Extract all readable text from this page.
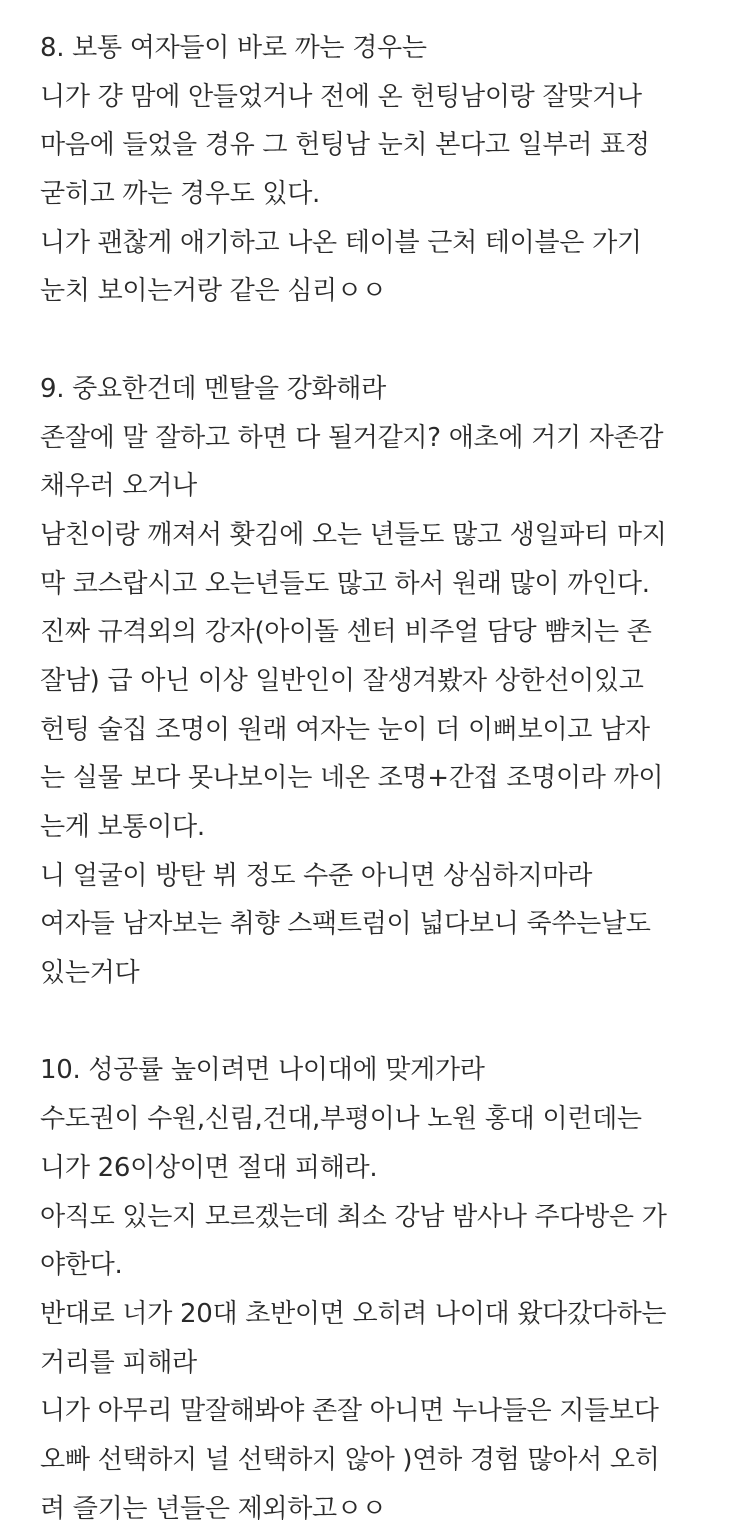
8. 보통 여자들이 바로 까는 경우는
니가 걍 맘에 안들었거나 전에 온 헌팅남이랑 잘맞거나
마음에 들었을 경유 그 헌팅남 눈치 본다고 일부러 표정
굳히고 까는 경우도 있다.
니가 괜찮게 애기하고 나온 테이블 근처 테이블은 가기
눈치 보이는거랑 같은 심리ㅇㅇ
9. 중요한건데 멘탈을 강화해라
존잘에 말 잘하고 하면 다 될거같지? 애초에 거기 자존감
채우러 오거나
남친이랑 깨져서 홧김에 오는 년들도 많고 생일파티 마지
막 코스랍시고 오는년들도 많고 하서 원래 많이 까인다.
진짜 규격외의 강자(아이돌 센터 비주얼 담당 뺨치는 존
잘남) 급 아닌 이상 일반인이 잘생겨봤자 상한선이있고
헌팅 술집 조명이 원래 여자는 눈이 더 이뻐보이고 남자
는 실물 보다 못나보이는 네온 조명+간접 조명이라 까이
는게 보통이다.
니 얼굴이 방탄 뷔 정도 수준 아니면 상심하지마라
여자들 남자보는 취향 스팩트럼이 넓다보니 죽쑤는날도
있는거다
10. 성공률 높이려면 나이대에 맞게가라
수도권이 수원,신림,건대,부평이나 노원 홍대 이런데는
니가 26이상이면 절대 피해라.
아직도 있는지 모르겠는데 최소 강남 밤사나 주다방은 가
야한다.
반대로 너가 20대 초반이면 오히려 나이대 왔다갔다하는
거리를 피해라
니가 아무리 말잘해봐야 존잘 아니면 누나들은 지들보다
오빠 선택하지 널 선택하지 않아 )연하 경험 많아서 오히
려 즐기는 년들은 제외하고ㅇㅇ
